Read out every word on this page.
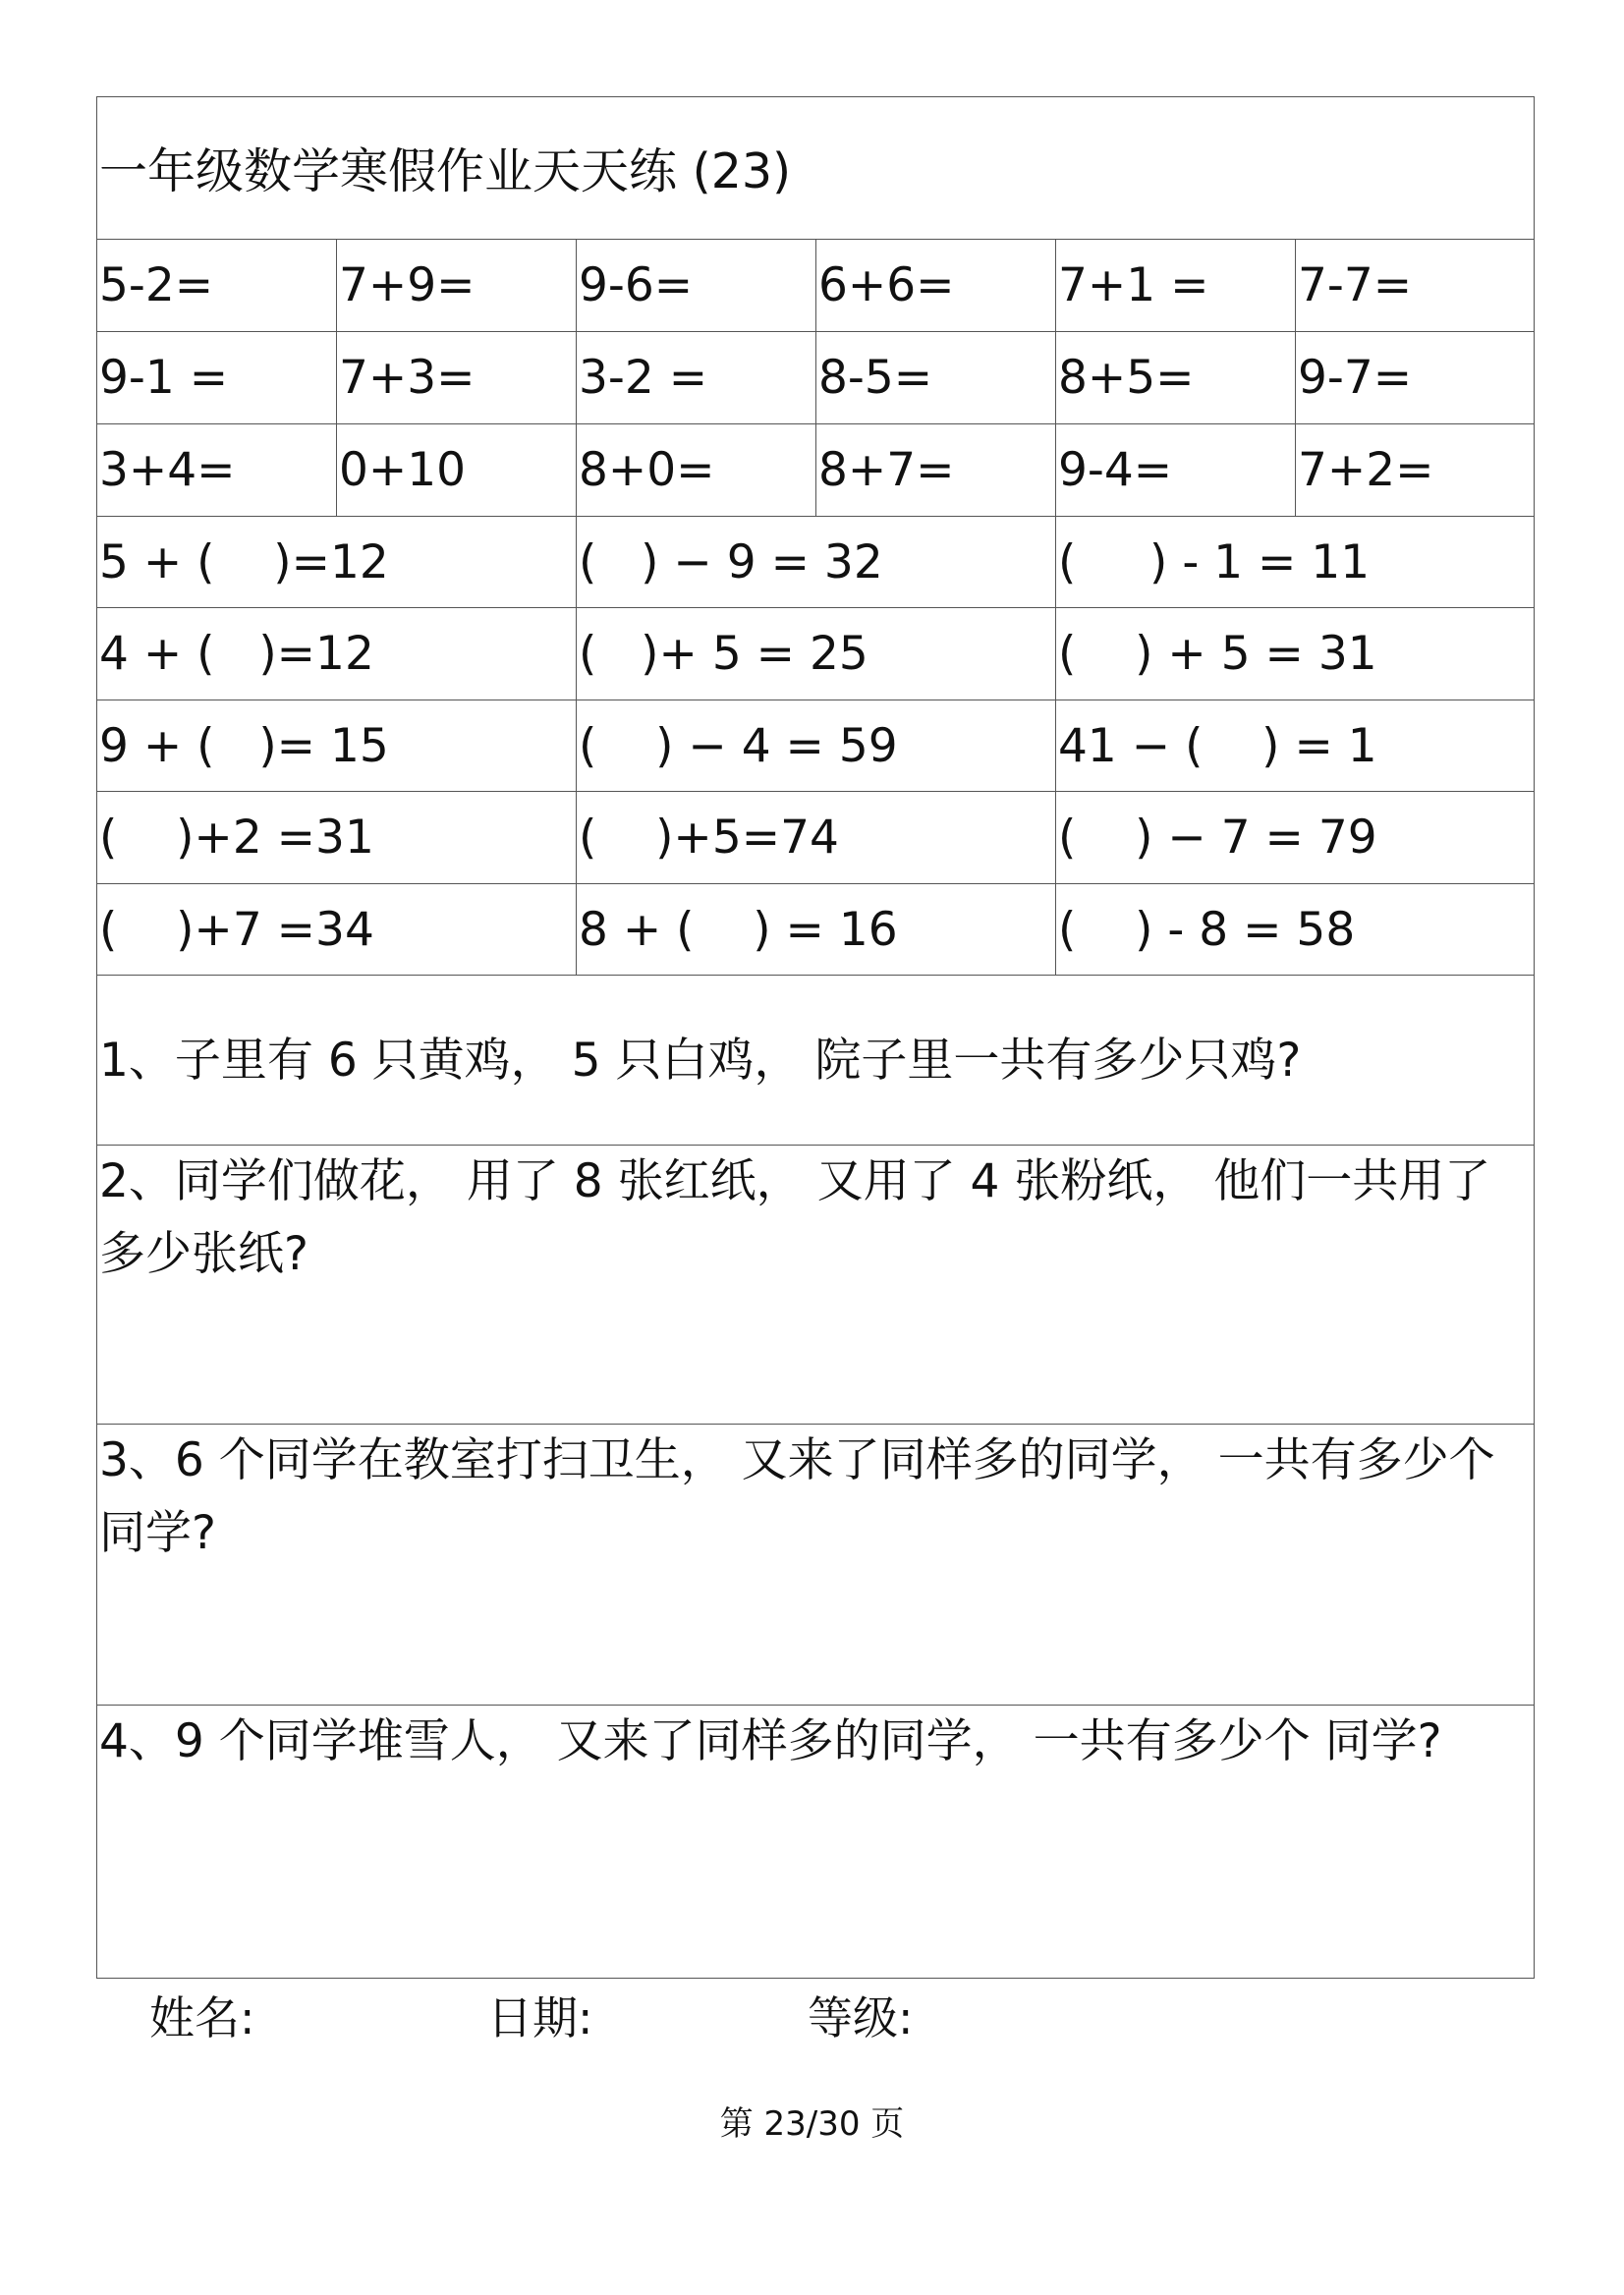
一年级数学寒假作业天天练 (23)
5-2=	7+9=	9-6=	6+6=	7+1 =	7-7=
9-1 =	7+3=	3-2 =	8-5=	8+5=	9-7=
3+4=	0+10	8+0=	8+7=	9-4=	7+2=
5 + (    )=12	(   ) − 9 = 32	(     ) - 1 = 11
4 + (   )=12	(   )+ 5 = 25	(    ) + 5 = 31
9 + (   )= 15	(    ) − 4 = 59	41 − (    ) = 1
(    )+2 =31	(    )+5=74	(    ) − 7 = 79
(    )+7 =34	8 + (    ) = 16	(    ) - 8 = 58
1、子里有 6 只黄鸡， 5 只白鸡， 院子里一共有多少只鸡?
2、同学们做花， 用了 8 张红纸， 又用了 4 张粉纸， 他们一共用了多少张纸?
3、6 个同学在教室打扫卫生， 又来了同样多的同学， 一共有多少个同学?
4、9 个同学堆雪人， 又来了同样多的同学， 一共有多少个 同学?
姓名:	日期:	等级:
第 23/30 页
